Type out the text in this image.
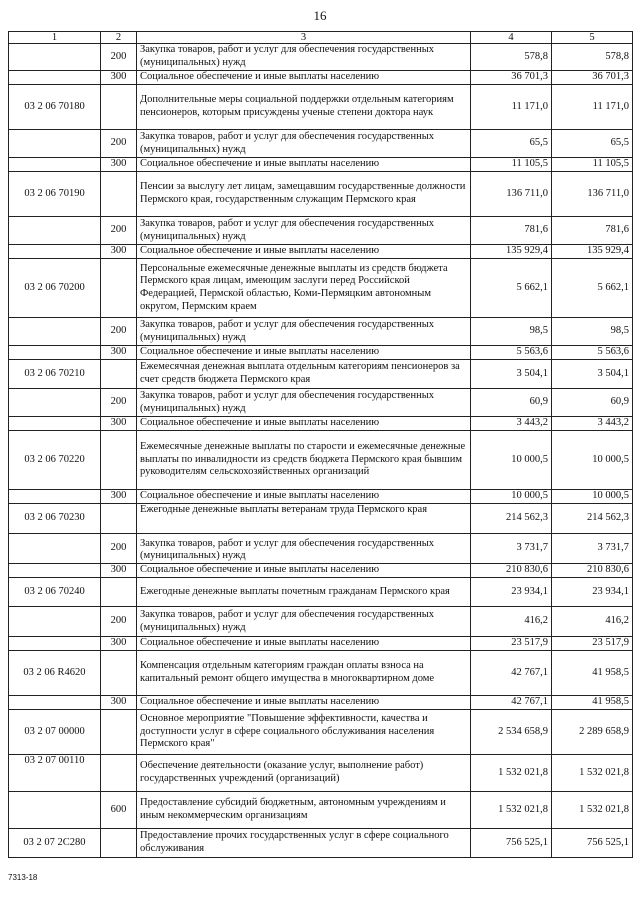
16
1	2	3	4	5
	200	Закупка товаров, работ и услуг для обеспечения государственных (муниципальных) нужд	578,8	578,8
	300	Социальное обеспечение и иные выплаты населению	36 701,3	36 701,3
03 2 06 70180		Дополнительные меры социальной поддержки отдельным категориям пенсионеров, которым присуждены ученые степени доктора наук	11 171,0	11 171,0
	200	Закупка товаров, работ и услуг для обеспечения государственных (муниципальных) нужд	65,5	65,5
	300	Социальное обеспечение и иные выплаты населению	11 105,5	11 105,5
03 2 06 70190		Пенсии за выслугу лет лицам, замещавшим государственные должности Пермского края, государственным служащим Пермского края	136 711,0	136 711,0
	200	Закупка товаров, работ и услуг для обеспечения государственных (муниципальных) нужд	781,6	781,6
	300	Социальное обеспечение и иные выплаты населению	135 929,4	135 929,4
03 2 06 70200		Персональные ежемесячные денежные выплаты из средств бюджета Пермского края лицам, имеющим заслуги перед Российской Федерацией, Пермской областью, Коми-Пермяцким автономным округом, Пермским краем	5 662,1	5 662,1
	200	Закупка товаров, работ и услуг для обеспечения государственных (муниципальных) нужд	98,5	98,5
	300	Социальное обеспечение и иные выплаты населению	5 563,6	5 563,6
03 2 06 70210		Ежемесячная денежная выплата отдельным категориям пенсионеров за счет средств бюджета Пермского края	3 504,1	3 504,1
	200	Закупка товаров, работ и услуг для обеспечения государственных (муниципальных) нужд	60,9	60,9
	300	Социальное обеспечение и иные выплаты населению	3 443,2	3 443,2
03 2 06 70220		Ежемесячные денежные выплаты по старости и ежемесячные денежные выплаты по инвалидности из средств бюджета Пермского края бывшим руководителям сельскохозяйственных организаций	10 000,5	10 000,5
	300	Социальное обеспечение и иные выплаты населению	10 000,5	10 000,5
03 2 06 70230		Ежегодные денежные выплаты ветеранам труда Пермского края	214 562,3	214 562,3
	200	Закупка товаров, работ и услуг для обеспечения государственных (муниципальных) нужд	3 731,7	3 731,7
	300	Социальное обеспечение и иные выплаты населению	210 830,6	210 830,6
03 2 06 70240		Ежегодные денежные выплаты почетным гражданам Пермского края	23 934,1	23 934,1
	200	Закупка товаров, работ и услуг для обеспечения государственных (муниципальных) нужд	416,2	416,2
	300	Социальное обеспечение и иные выплаты населению	23 517,9	23 517,9
03 2 06 R4620		Компенсация отдельным категориям граждан оплаты взноса на капитальный ремонт общего имущества в многоквартирном доме	42 767,1	41 958,5
	300	Социальное обеспечение и иные выплаты населению	42 767,1	41 958,5
03 2 07 00000		Основное мероприятие "Повышение эффективности, качества и доступности услуг в сфере социального обслуживания населения Пермского края"	2 534 658,9	2 289 658,9
03 2 07 00110		Обеспечение деятельности (оказание услуг, выполнение работ) государственных учреждений (организаций)	1 532 021,8	1 532 021,8
	600	Предоставление субсидий бюджетным, автономным учреждениям и иным некоммерческим организациям	1 532 021,8	1 532 021,8
03 2 07 2С280		Предоставление прочих государственных услуг в сфере социального обслуживания	756 525,1	756 525,1
7313-18
